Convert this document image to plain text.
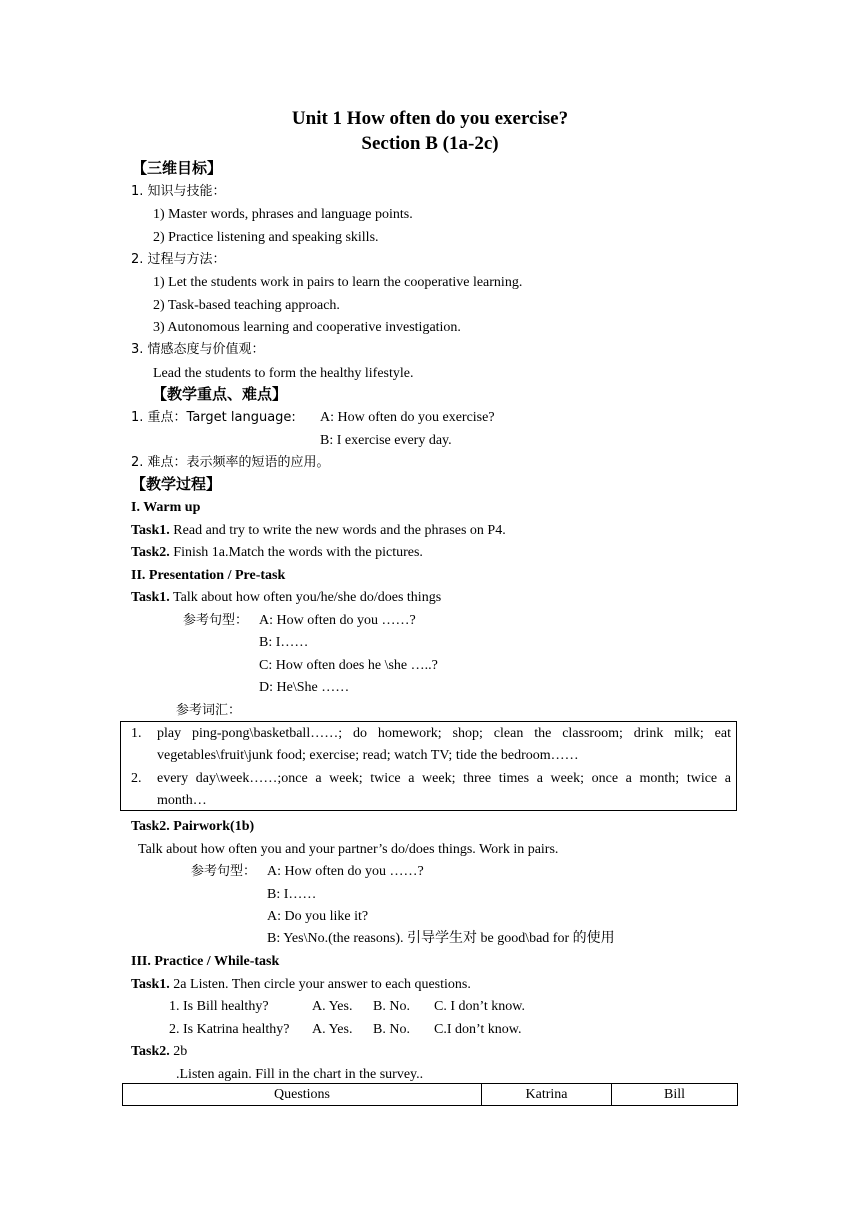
Unit 1 How often do you exercise?
Section B (1a-2c)
【三维目标】
1. 知识与技能：
1) Master words, phrases and language points.
2) Practice listening and speaking skills.
2. 过程与方法：
1) Let the students work in pairs to learn the cooperative learning.
2) Task-based teaching approach.
3) Autonomous learning and cooperative investigation.
3. 情感态度与价值观：
Lead the students to form the healthy lifestyle.
【教学重点、难点】
1. 重点：Target language: A: How often do you exercise?
B: I exercise every day.
2. 难点：表示频率的短语的应用。
【教学过程】
I. Warm up
Task1. Read and try to write the new words and the phrases on P4.
Task2. Finish 1a.Match the words with the pictures.
II. Presentation / Pre-task
Task1. Talk about how often you/he/she do/does things
参考句型： A: How often do you ……?
B: I……
C: How often does he \she …..?
D: He\She ……
参考词汇：
1.	play ping-pong\basketball……; do homework; shop; clean the classroom; drink milk; eat
vegetables\fruit\junk food; exercise; read; watch TV; tide the bedroom……
2.	every day\week……;once a week; twice a week; three times a week; once a month; twice a
month…
Task2. Pairwork(1b)
Talk about how often you and your partner’s do/does things. Work in pairs.
参考句型： A: How often do you ……?
B: I……
A: Do you like it?
B: Yes\No.(the reasons). 引导学生对 be good\bad for 的使用
III. Practice / While-task
Task1. 2a Listen. Then circle your answer to each questions.
1. Is Bill healthy?	A. Yes. B. No. C. I don’t know.
2. Is Katrina healthy? A. Yes. B. No. C.I don’t know.
Task2. 2b
.Listen again. Fill in the chart in the survey..
Questions	Katrina	Bill
